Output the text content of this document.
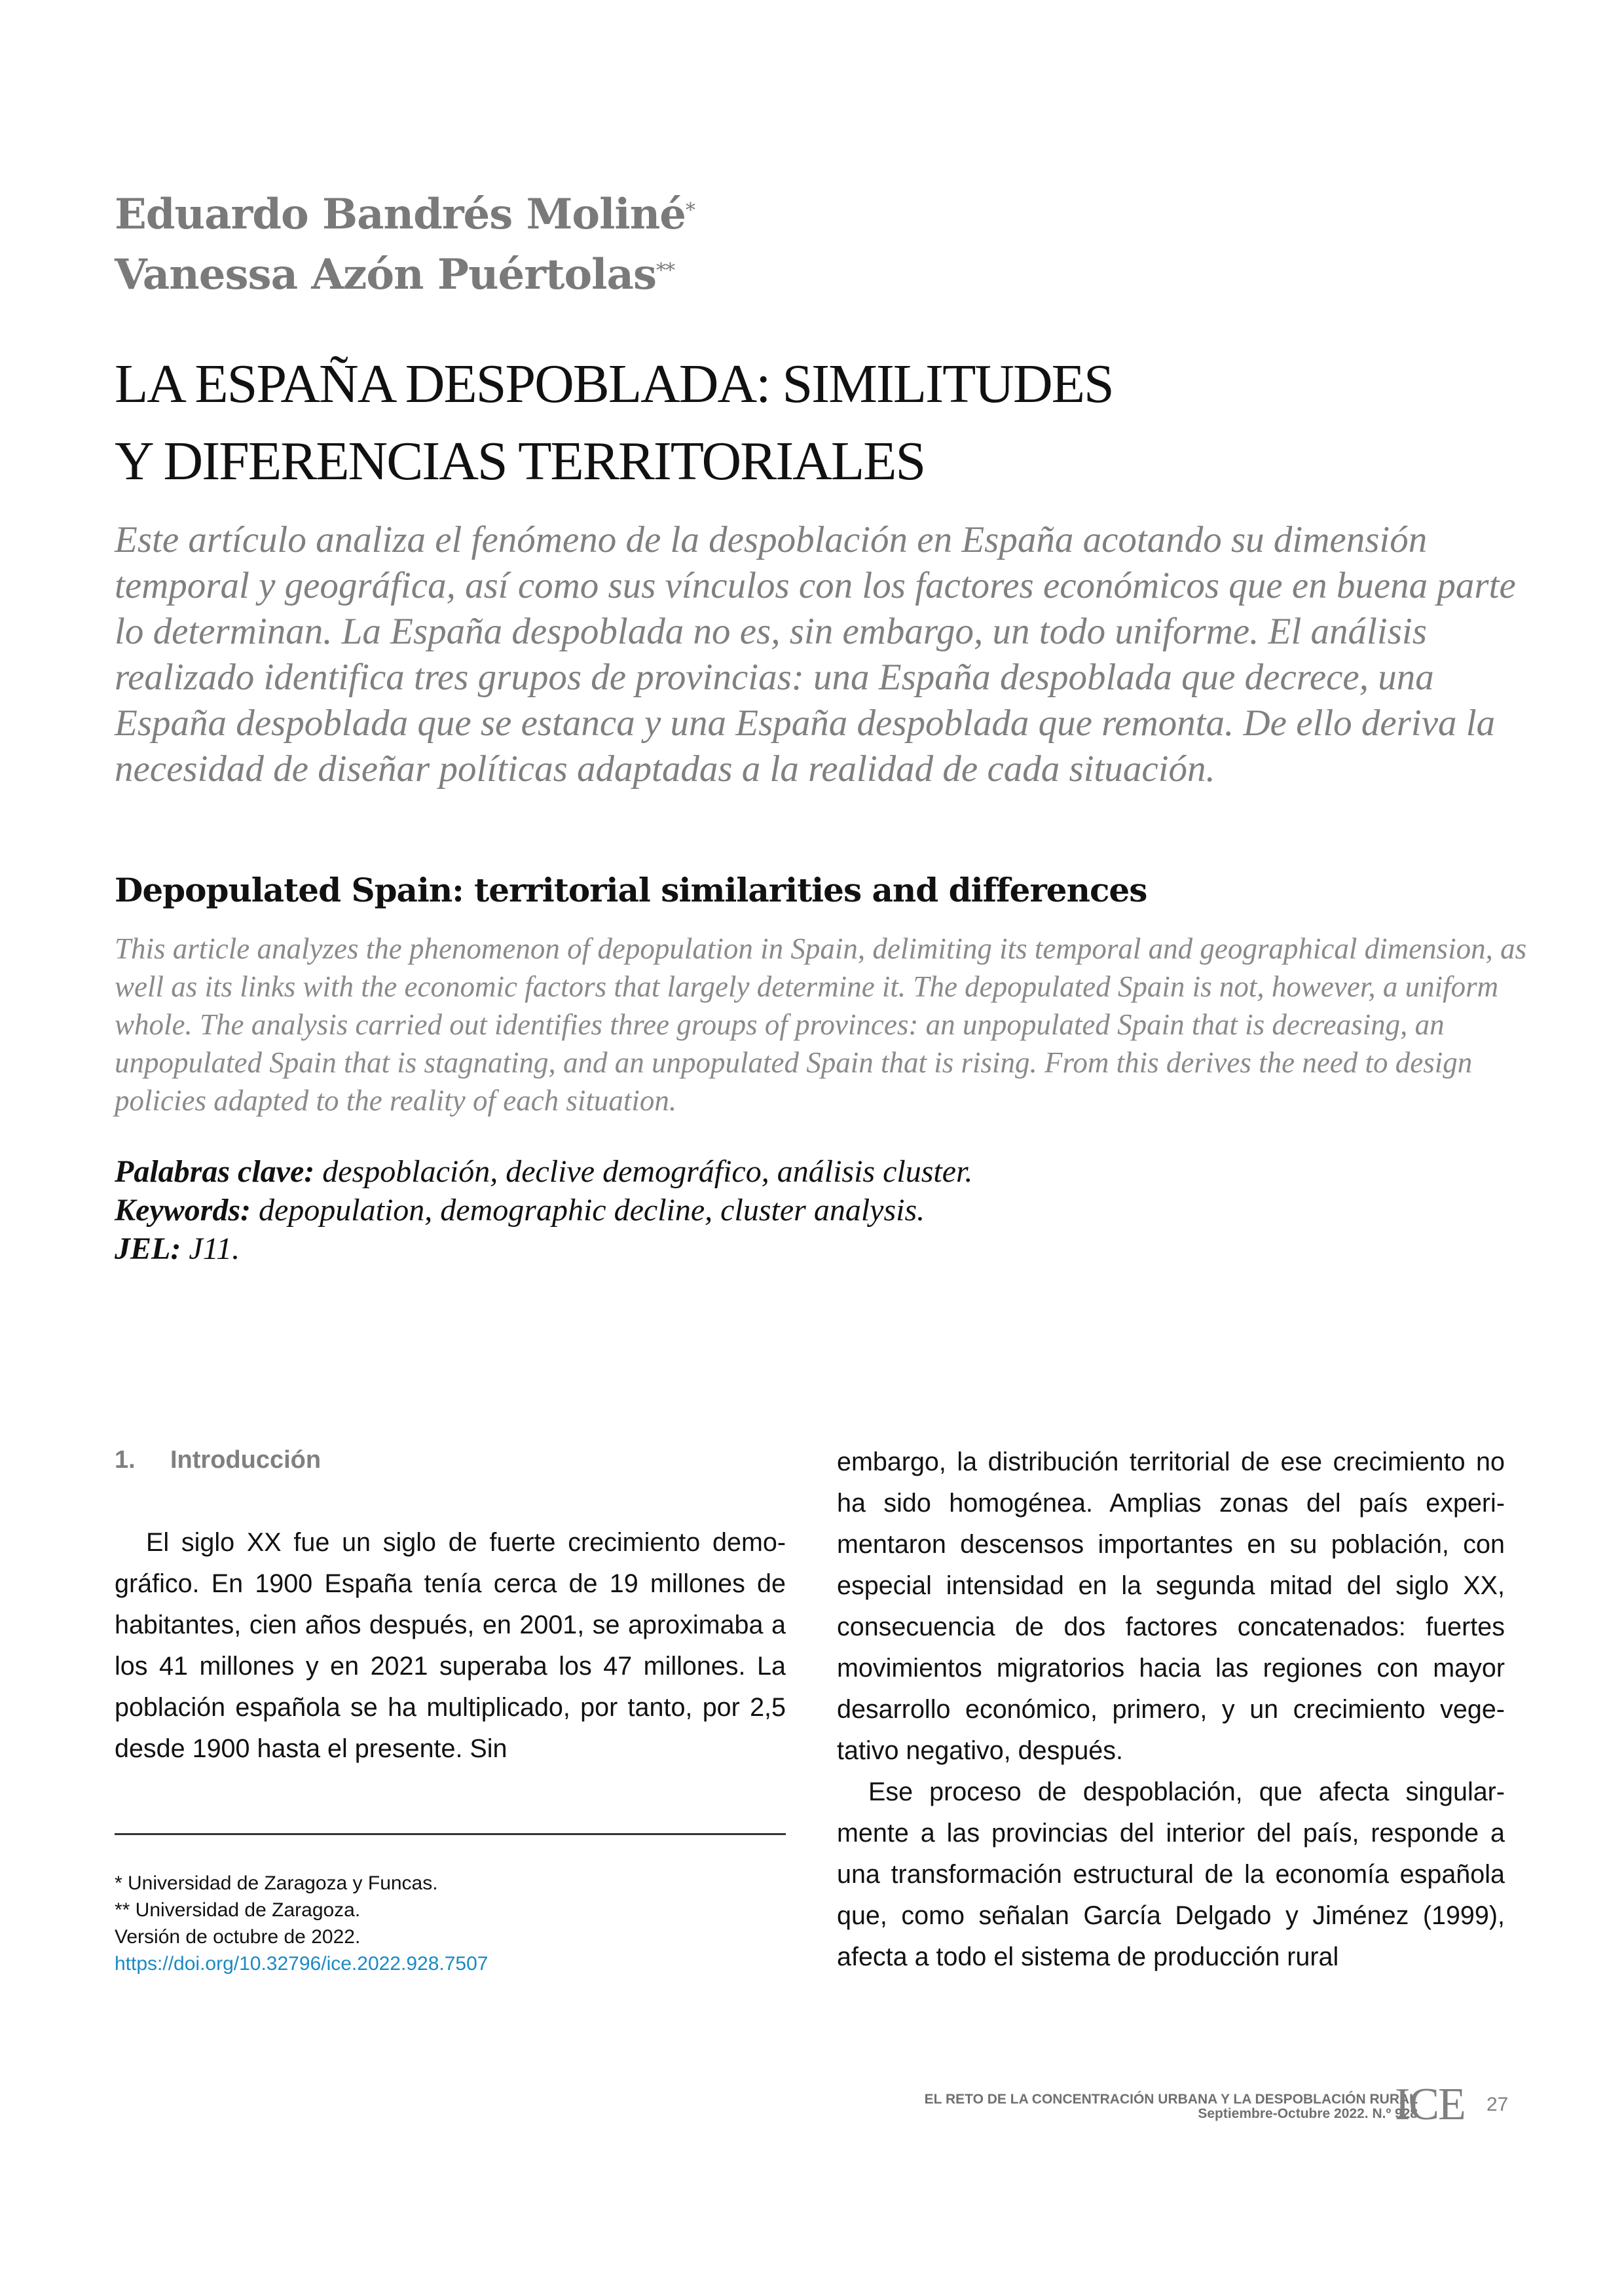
Eduardo Bandrés Moliné*
Vanessa Azón Puértolas**
LA ESPAÑA DESPOBLADA: SIMILITUDES
Y DIFERENCIAS TERRITORIALES

Este artículo analiza el fenómeno de la despoblación en España acotando su dimensión temporal y geográfica, así como sus vínculos con los factores económicos que en buena parte lo determinan. La España despoblada no es, sin embargo, un todo uniforme. El análisis realizado identifica tres grupos de provincias: una España despoblada que decrece, una España despoblada que se estanca y una España despoblada que remonta. De ello deriva la necesidad de diseñar políticas adaptadas a la realidad de cada situación.

Depopulated Spain: territorial similarities and differences

This article analyzes the phenomenon of depopulation in Spain, delimiting its temporal and geographical dimension, as well as its links with the economic factors that largely determine it. The depopulated Spain is not, however, a uniform whole. The analysis carried out identifies three groups of provinces: an unpopulated Spain that is decreasing, an unpopulated Spain that is stagnating, and an unpopulated Spain that is rising. From this derives the need to design policies adapted to the reality of each situation.

Palabras clave: despoblación, declive demográfico, análisis cluster.
Keywords: depopulation, demographic decline, cluster analysis.
JEL: J11.
1. Introducción

El siglo XX fue un siglo de fuerte crecimiento demográfico. En 1900 España tenía cerca de 19 millones de habitantes, cien años después, en 2001, se aproximaba a los 41 millones y en 2021 superaba los 47 millones. La población española se ha multiplicado, por tanto, por 2,5 desde 1900 hasta el presente. Sin

embargo, la distribución territorial de ese crecimiento no ha sido homogénea. Amplias zonas del país experimentaron descensos importantes en su población, con especial intensidad en la segunda mitad del siglo XX, consecuencia de dos factores concatenados: fuertes movimientos migratorios hacia las regiones con mayor desarrollo económico, primero, y un crecimiento vegetativo negativo, después.

Ese proceso de despoblación, que afecta singularmente a las provincias del interior del país, responde a una transformación estructural de la economía española que, como señalan García Delgado y Jiménez (1999), afecta a todo el sistema de producción rural

* Universidad de Zaragoza y Funcas.
** Universidad de Zaragoza.
Versión de octubre de 2022.
https://doi.org/10.32796/ice.2022.928.7507
EL RETO DE LA CONCENTRACIÓN URBANA Y LA DESPOBLACIÓN RURAL
Septiembre-Octubre 2022. N.º 928
ICE 27
